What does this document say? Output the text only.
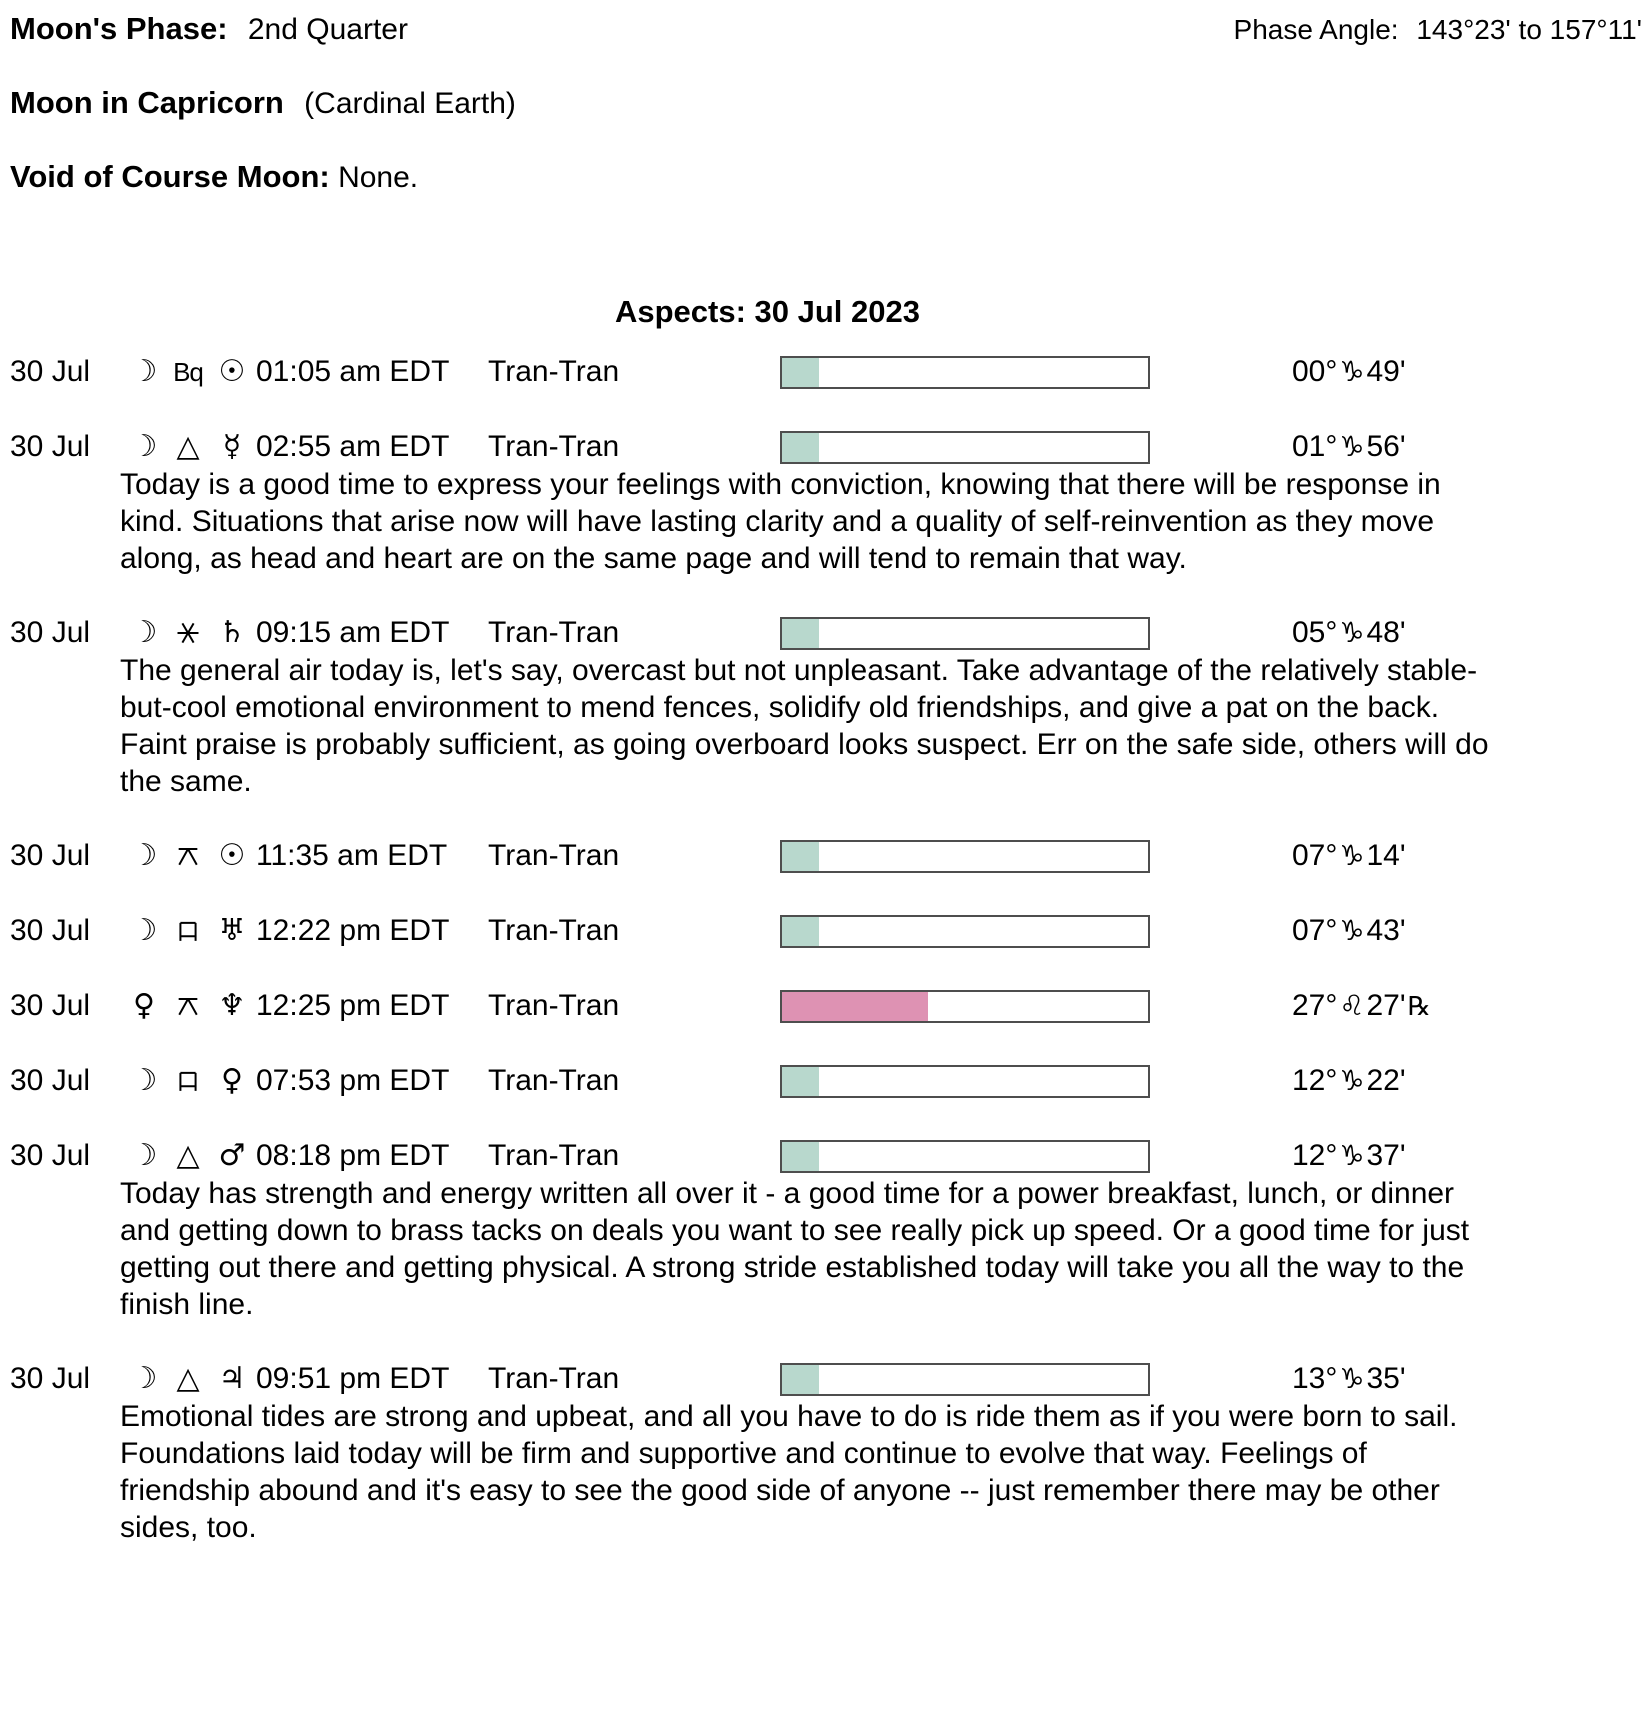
Phase Angle: 143°23' to 157°11'
Moon's Phase: 2nd Quarter
Moon in Capricorn (Cardinal Earth)
Void of Course Moon: None.
Aspects: 30 Jul 2023
30 Jul	☽ Bq ☉ 01:05 am EDT	Tran-Tran	00°♑49'
30 Jul	☽ △ ☿ 02:55 am EDT	Tran-Tran	01°♑56'
Today is a good time to express your feelings with conviction, knowing that there will be response in kind. Situations that arise now will have lasting clarity and a quality of self-reinvention as they move along, as head and heart are on the same page and will tend to remain that way.
30 Jul	☽ ♄ 09:15 am EDT	Tran-Tran	05°♑48'
The general air today is, let's say, overcast but not unpleasant. Take advantage of the relatively stable-but-cool emotional environment to mend fences, solidify old friendships, and give a pat on the back. Faint praise is probably sufficient, as going overboard looks suspect. Err on the safe side, others will do the same.
30 Jul	☽ ☉ 11:35 am EDT	Tran-Tran	07°♑14'
30 Jul	☽ ♅ 12:22 pm EDT	Tran-Tran	07°♑43'
30 Jul	♀	♆ 12:25 pm EDT	Tran-Tran	27°♌27'℞
30 Jul	☽	♀ 07:53 pm EDT	Tran-Tran	12°♑22'
30 Jul	☽ △ ♂ 08:18 pm EDT	Tran-Tran	12°♑37'
Today has strength and energy written all over it - a good time for a power breakfast, lunch, or dinner and getting down to brass tacks on deals you want to see really pick up speed. Or a good time for just getting out there and getting physical. A strong stride established today will take you all the way to the finish line.
30 Jul	☽ △ ♃ 09:51 pm EDT	Tran-Tran	13°♑35'
Emotional tides are strong and upbeat, and all you have to do is ride them as if you were born to sail. Foundations laid today will be firm and supportive and continue to evolve that way. Feelings of friendship abound and it's easy to see the good side of anyone -- just remember there may be other sides, too.
